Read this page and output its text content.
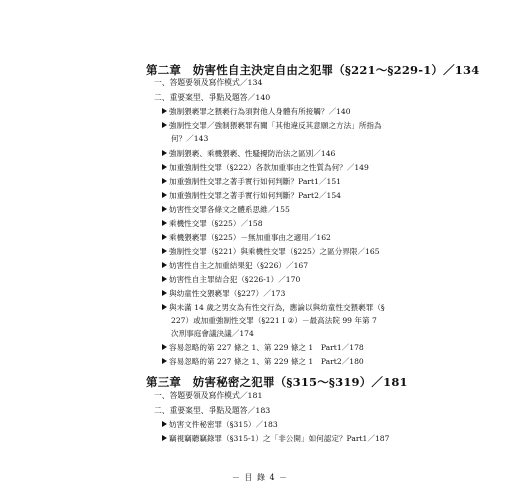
第二章　妨害性自主決定自由之犯罪（§221～§229-1）／134
一、答題要領及寫作模式／134
二、重要案型、爭點及題答／140
強制猥褻罪之猥褻行為須對他人身體有所接觸？／140
強制性交罪／強制猥褻罪有關「其他違反其意願之方法」所指為
何？／143
強制猥褻、乘機猥褻、性騷擾防治法之區別／146
加重強制性交罪（§222）各款加重事由之性質為何？／149
加重強制性交罪之著手實行如何判斷？Part1／151
加重強制性交罪之著手實行如何判斷？Part2／154
妨害性交罪各條文之體系思維／155
乘機性交罪（§225）／158
乘機猥褻罪（§225）－無加重事由之適用／162
強制性交罪（§221）與乘機性交罪（§225）之區分界限／165
妨害性自主之加重結果犯（§226）／167
妨害性自主罪結合犯（§226-1）／170
與幼童性交猥褻罪（§227）／173
與未滿 14 歲之男女為有性交行為，應論以與幼童性交猥褻罪（§
227）或加重強制性交罪（§221 I ②）－最高法院 99 年第 7
次刑事庭會議決議／174
容易忽略的第 227 條之 1、第 229 條之 1　Part1／178
容易忽略的第 227 條之 1、第 229 條之 1　Part2／180
第三章　妨害秘密之犯罪（§315～§319）／181
一、答題要領及寫作模式／181
二、重要案型、爭點及題答／183
妨害文件秘密罪（§315）／183
竊視竊聽竊錄罪（§315-1）之「非公開」如何認定？Part1／187
－ 目 錄 4 －
